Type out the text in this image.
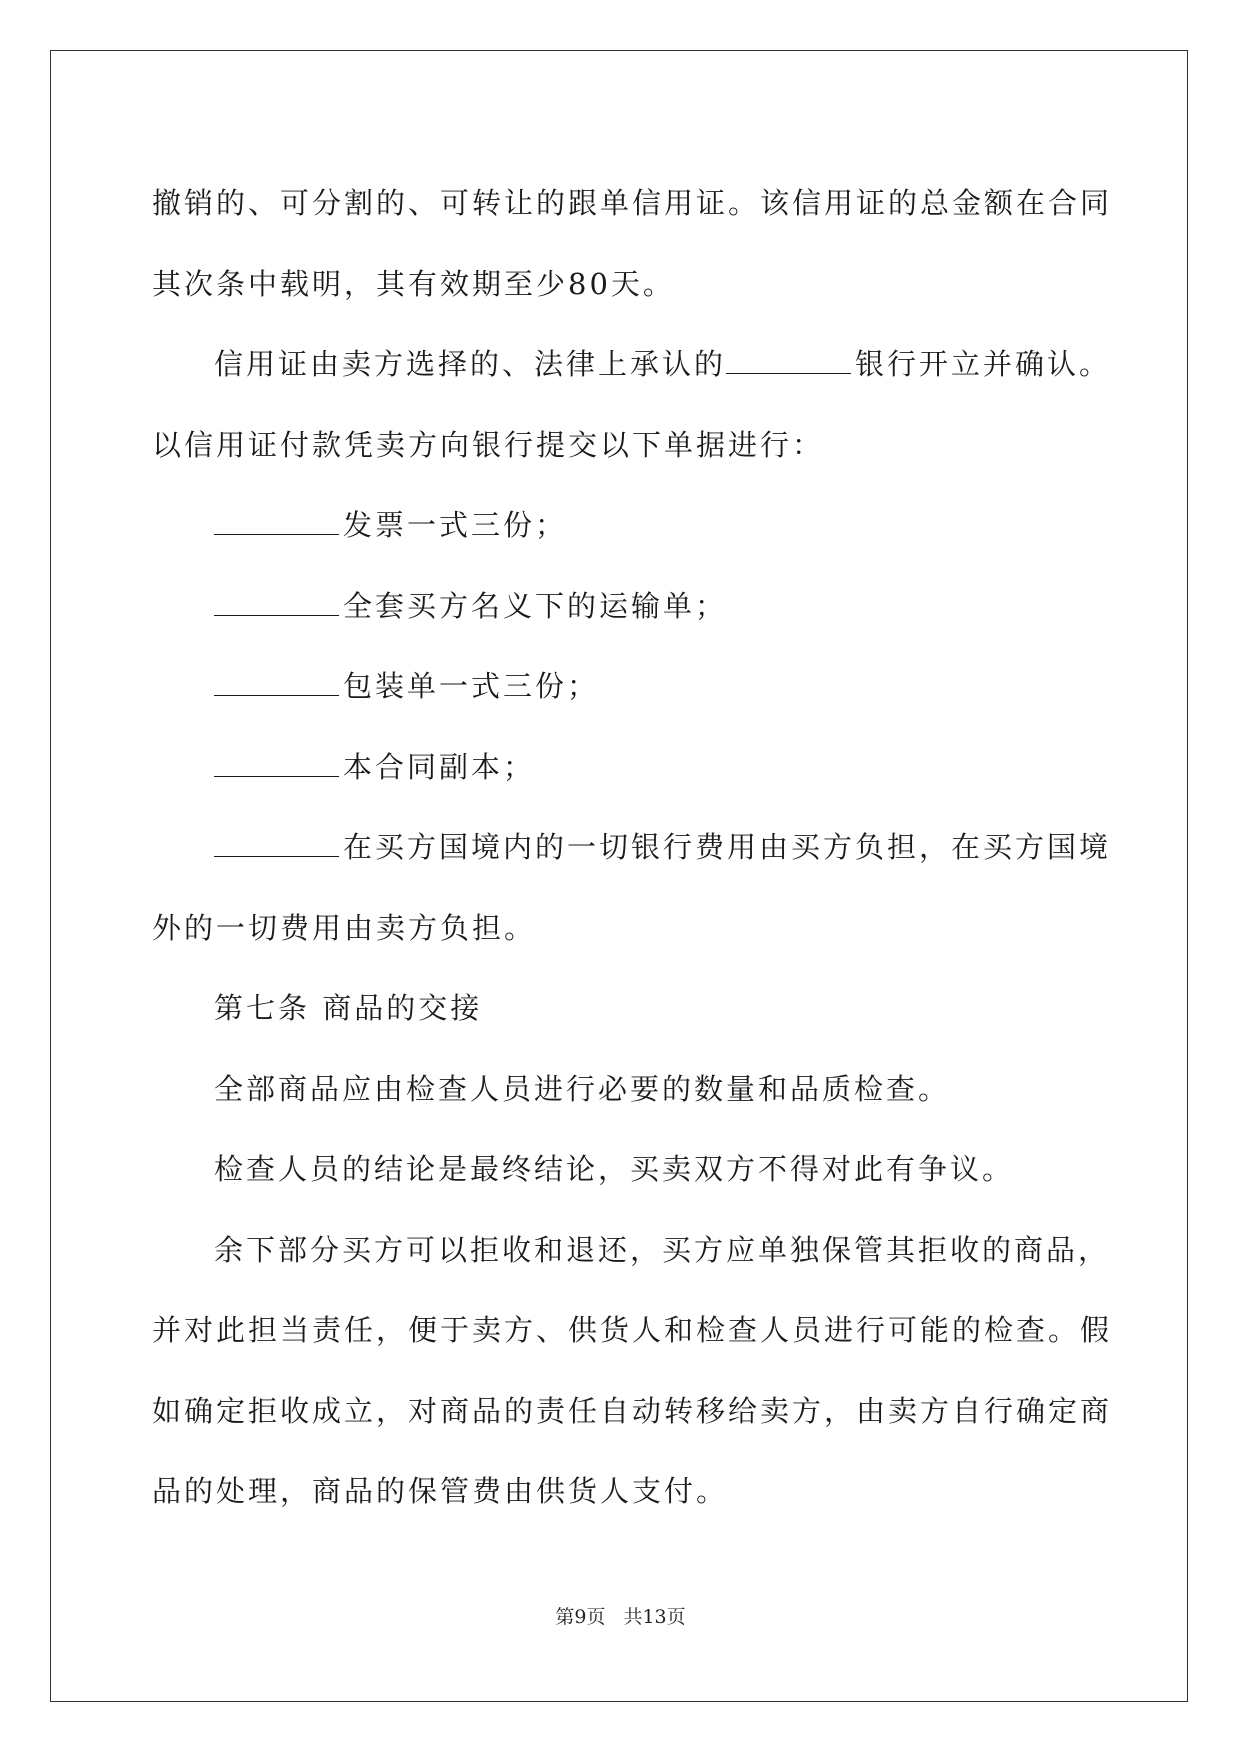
撤销的、可分割的、可转让的跟单信用证。该信用证的总金额在合同
其次条中载明，其有效期至少80天。
信用证由卖方选择的、法律上承认的	银行开立并确认。
以信用证付款凭卖方向银行提交以下单据进行：
发票一式三份；
全套买方名义下的运输单；
包装单一式三份；
本合同副本；
在买方国境内的一切银行费用由买方负担，在买方国境
外的一切费用由卖方负担。
第七条 商品的交接
全部商品应由检查人员进行必要的数量和品质检查。
检查人员的结论是最终结论，买卖双方不得对此有争议。
余下部分买方可以拒收和退还，买方应单独保管其拒收的商品，
并对此担当责任，便于卖方、供货人和检查人员进行可能的检查。假
如确定拒收成立，对商品的责任自动转移给卖方，由卖方自行确定商
品的处理，商品的保管费由供货人支付。
第9页 共13页
